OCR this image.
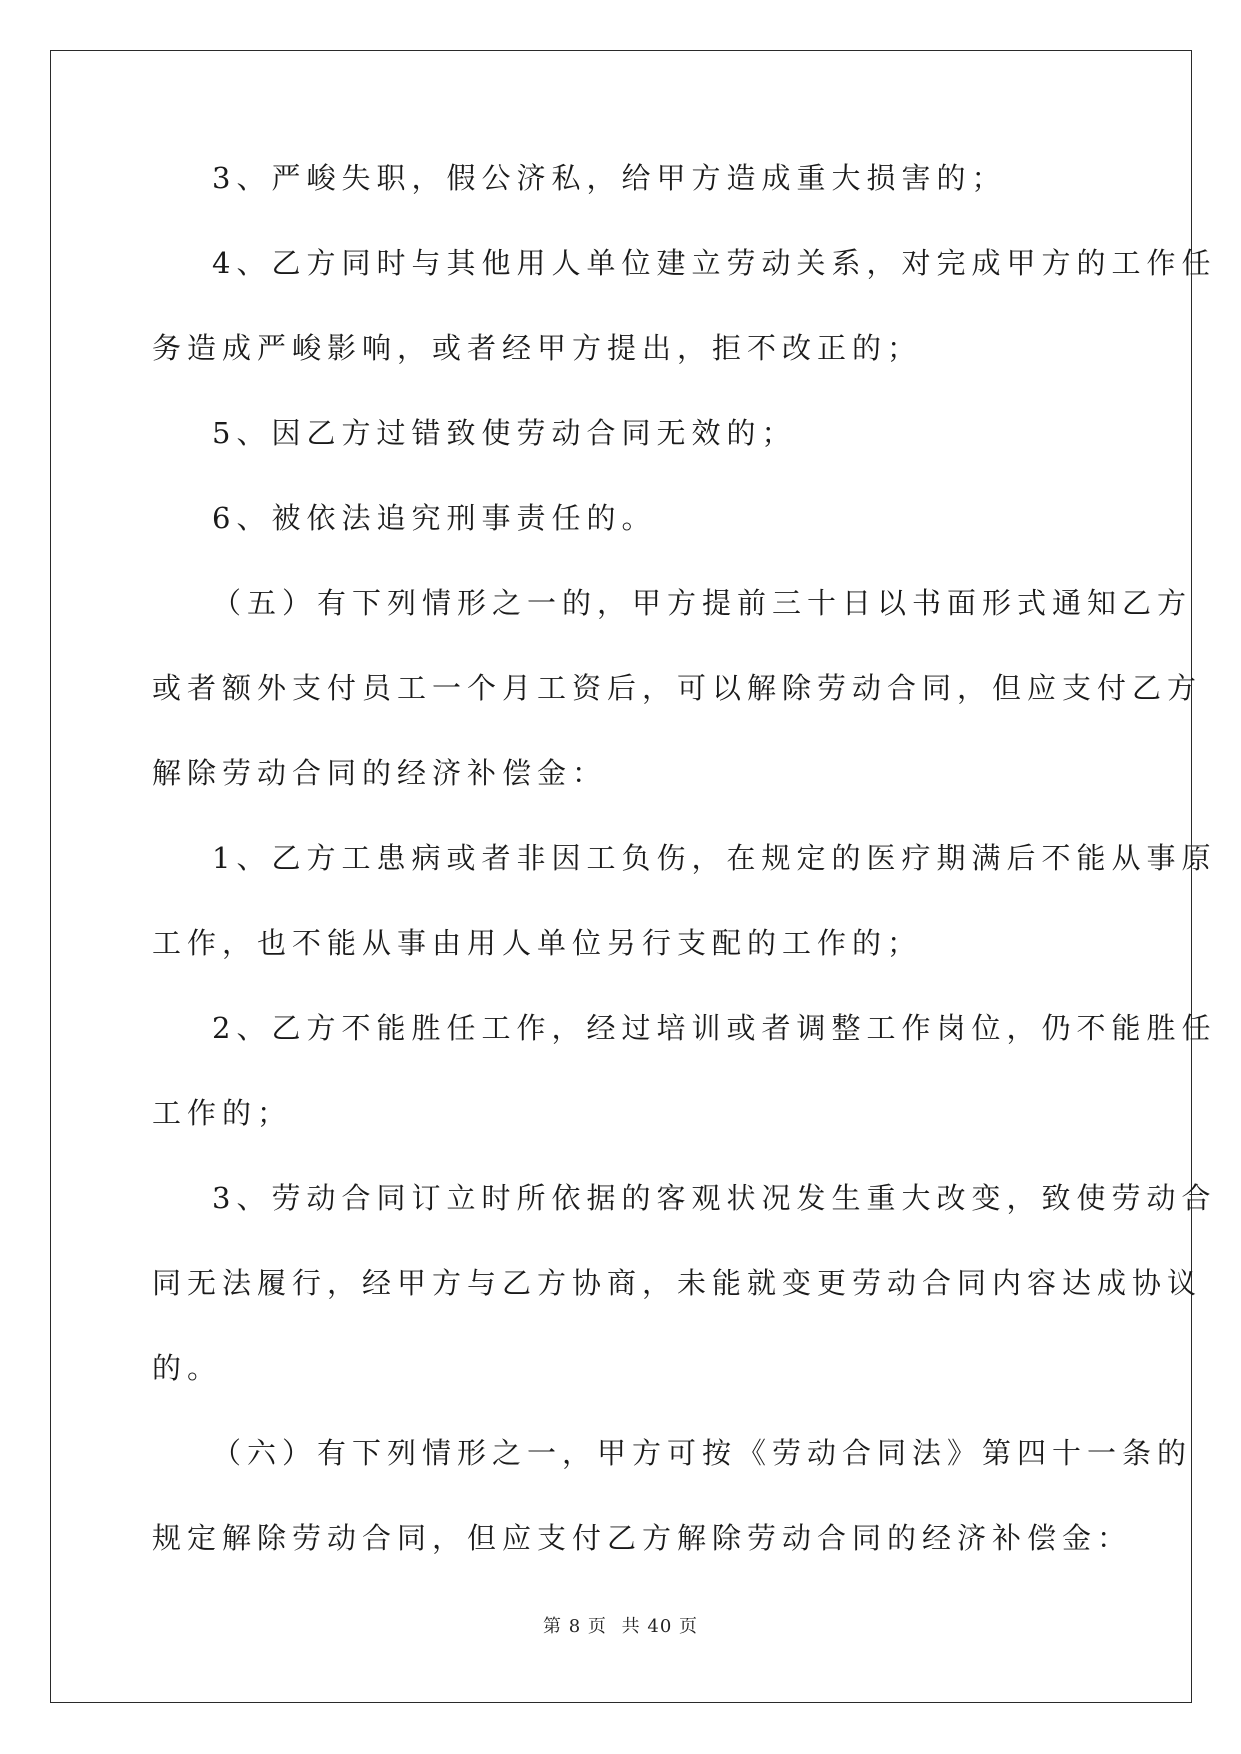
3、严峻失职，假公济私，给甲方造成重大损害的；
4、乙方同时与其他用人单位建立劳动关系，对完成甲方的工作任
务造成严峻影响，或者经甲方提出，拒不改正的；
5、因乙方过错致使劳动合同无效的；
6、被依法追究刑事责任的。
（五）有下列情形之一的，甲方提前三十日以书面形式通知乙方
或者额外支付员工一个月工资后，可以解除劳动合同，但应支付乙方
解除劳动合同的经济补偿金：
1、乙方工患病或者非因工负伤，在规定的医疗期满后不能从事原
工作，也不能从事由用人单位另行支配的工作的；
2、乙方不能胜任工作，经过培训或者调整工作岗位，仍不能胜任
工作的；
3、劳动合同订立时所依据的客观状况发生重大改变，致使劳动合
同无法履行，经甲方与乙方协商，未能就变更劳动合同内容达成协议
的。
（六）有下列情形之一，甲方可按《劳动合同法》第四十一条的
规定解除劳动合同，但应支付乙方解除劳动合同的经济补偿金：
第 8 页 共 40 页
